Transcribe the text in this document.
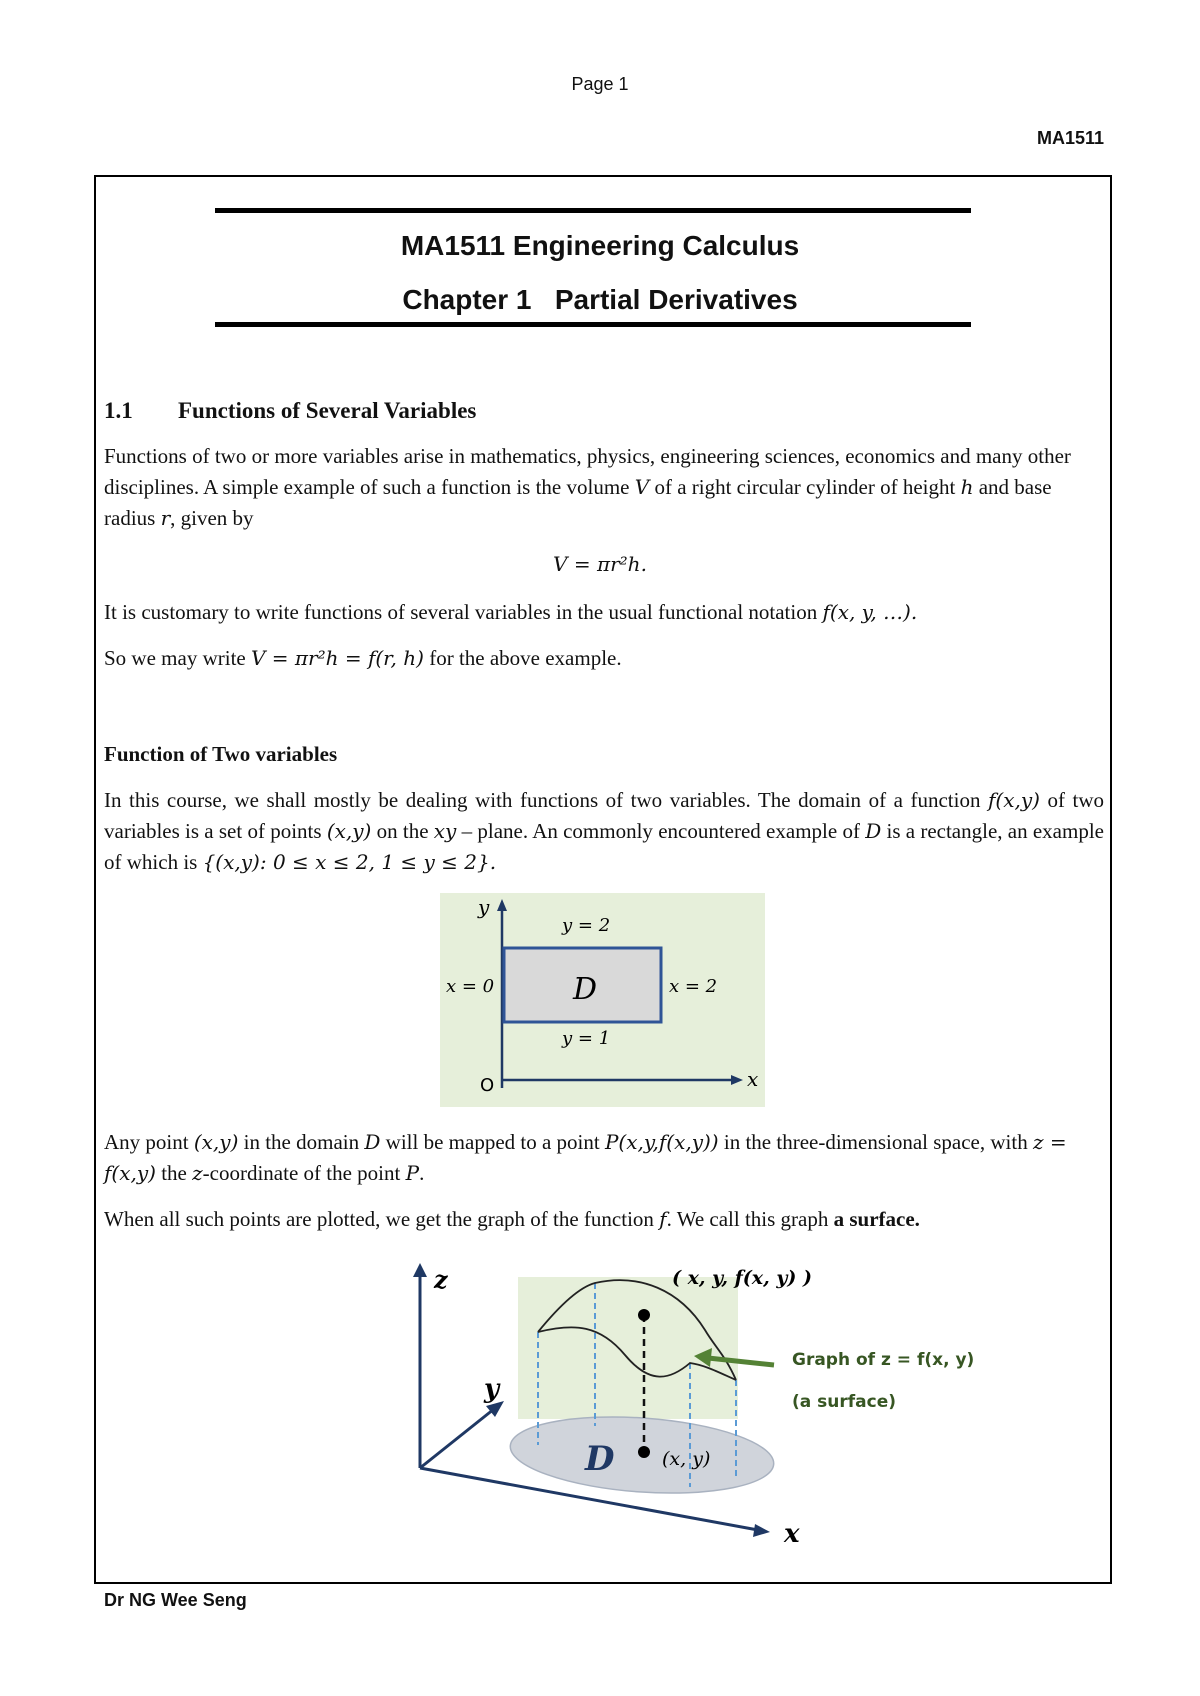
Page 1
MA1511
MA1511 Engineering Calculus
Chapter 1   Partial Derivatives
1.1 Functions of Several Variables

Functions of two or more variables arise in mathematics, physics, engineering sciences, economics and many other disciplines. A simple example of such a function is the volume V of a right circular cylinder of height h and base radius r, given by

V = πr²h.

It is customary to write functions of several variables in the usual functional notation f(x, y, …).

So we may write V = πr²h = f(r, h) for the above example.

Function of Two variables

In this course, we shall mostly be dealing with functions of two variables. The domain of a function f(x,y) of two variables is a set of points (x,y) on the xy – plane. An commonly encountered example of D is a rectangle, an example of which is {(x,y): 0 ≤ x ≤ 2, 1 ≤ y ≤ 2}.

y
x
O
y = 2
y = 1
x = 0	x = 2
D

Any point (x,y) in the domain D will be mapped to a point P(x,y,f(x,y)) in the three-dimensional space, with z = f(x,y) the z-coordinate of the point P.

When all such points are plotted, we get the graph of the function f. We call this graph a surface.

z
y
x
( x, y, f(x, y) )
D	(x, y)
Graph of z = f(x, y)
(a surface)
Dr NG Wee Seng
